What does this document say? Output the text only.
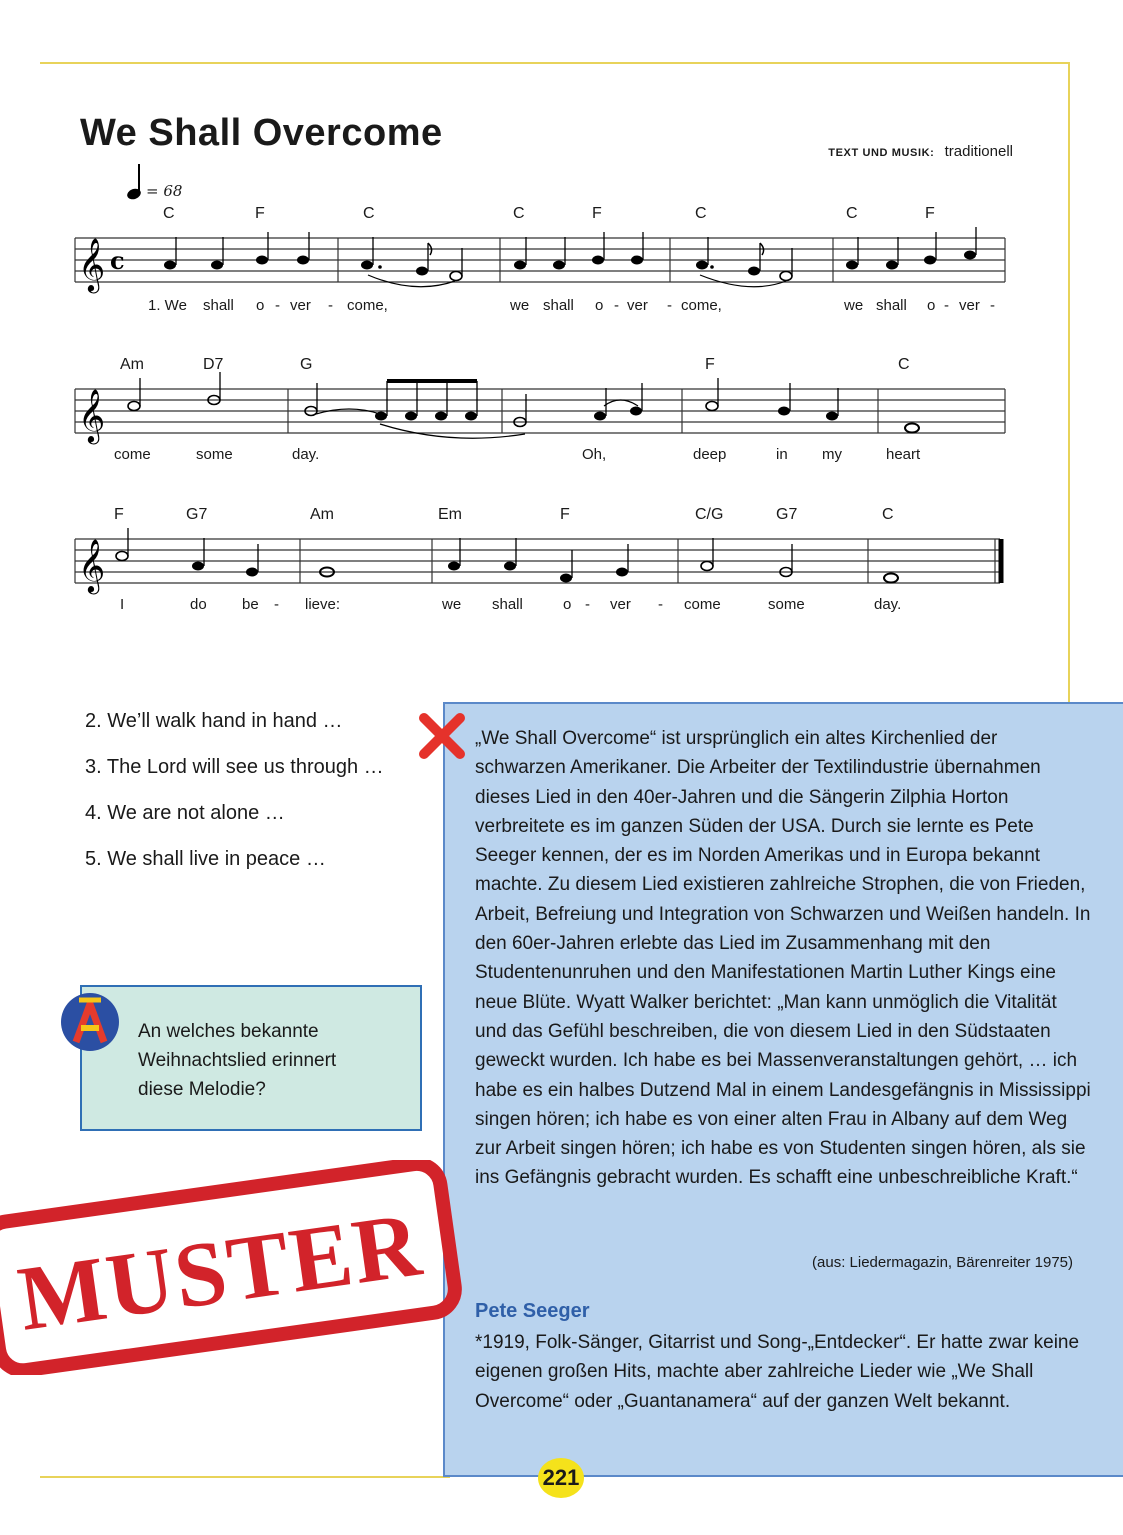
We Shall Overcome	TEXT UND MUSIK: traditionell
= 68
C	F	C	C	F	C	C	F
𝄞 c
1. We shall o - ver - come,	we shall o - ver - come,	we shall o - ver -
Am	D7	G	F	C
𝄞
come	some	day.	Oh,	deep	in my	heart
F	G7	Am	Em	F	C/G	G7	C
𝄞
I	do be - lieve:	we shall	o - ver - come	some	day.
2. We’ll walk hand in hand …
3. The Lord will see us through …
4. We are not alone …
5. We shall live in peace …
An welches bekannte
Weihnachtslied erinnert
diese Melodie?
„We Shall Overcome“ ist ursprünglich ein altes Kirchenlied der schwarzen Amerikaner. Die Arbeiter der Textilindustrie übernahmen dieses Lied in den 40er-Jahren und die Sängerin Zilphia Horton verbreitete es im ganzen Süden der USA. Durch sie lernte es Pete Seeger kennen, der es im Norden Amerikas und in Europa bekannt machte. Zu diesem Lied existieren zahlreiche Strophen, die von Frieden, Arbeit, Befreiung und Integration von Schwarzen und Weißen handeln. In den 60er-Jahren erlebte das Lied im Zusammenhang mit den Studentenunruhen und den Manifestationen Martin Luther Kings eine neue Blüte. Wyatt Walker berichtet: „Man kann unmöglich die Vitalität und das Gefühl beschreiben, die von diesem Lied in den Südstaaten geweckt wurden. Ich habe es bei Massenveranstaltungen gehört, … ich habe es ein halbes Dutzend Mal in einem Landesgefängnis in Mississippi singen hören; ich habe es von einer alten Frau in Albany auf dem Weg zur Arbeit singen hören; ich habe es von Studenten singen hören, als sie ins Gefängnis gebracht wurden. Es schafft eine unbeschreibliche Kraft.“
(aus: Liedermagazin, Bärenreiter 1975)
Pete Seeger
*1919, Folk-Sänger, Gitarrist und Song-„Entdecker“. Er hatte zwar keine eigenen großen Hits, machte aber zahlreiche Lieder wie „We Shall Overcome“ oder „Guantanamera“ auf der ganzen Welt bekannt.
MUSTER
221
